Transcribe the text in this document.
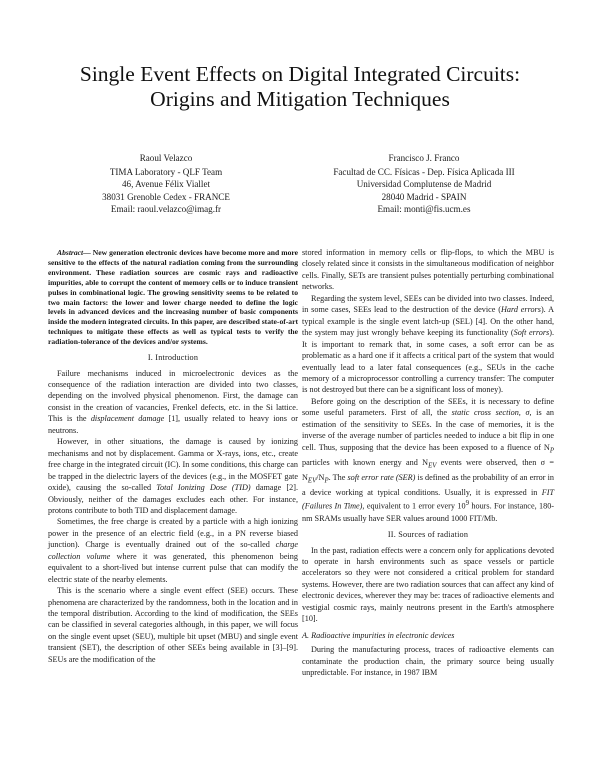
Single Event Effects on Digital Integrated Circuits:
Origins and Mitigation Techniques
Raoul Velazco
TIMA Laboratory - QLF Team
46, Avenue Félix Viallet
38031 Grenoble Cedex - FRANCE
Email: raoul.velazco@imag.fr
Francisco J. Franco
Facultad de CC. Físicas - Dep. Física Aplicada III
Universidad Complutense de Madrid
28040 Madrid - SPAIN
Email: monti@fis.ucm.es

Abstract— New generation electronic devices have become more and more sensitive to the effects of the natural radiation coming from the surrounding environment. These radiation sources are cosmic rays and radioactive impurities, able to corrupt the content of memory cells or to induce transient pulses in combinational logic. The growing sensitivity seems to be related to two main factors: the lower and lower charge needed to define the logic levels in advanced devices and the increasing number of basic components inside the modern integrated circuits. In this paper, are described state-of-art techniques to mitigate these effects as well as typical tests to verify the radiation-tolerance of the devices and/or systems.

I. Introduction

Failure mechanisms induced in microelectronic devices as the consequence of the radiation interaction are divided into two classes, depending on the involved physical phenomenon. First, the damage can consist in the creation of vacancies, Frenkel defects, etc. in the Si lattice. This is the displacement damage [1], usually related to heavy ions or neutrons.

However, in other situations, the damage is caused by ionizing mechanisms and not by displacement. Gamma or X-rays, ions, etc., create free charge in the integrated circuit (IC). In some conditions, this charge can be trapped in the dielectric layers of the devices (e.g., in the MOSFET gate oxide), causing the so-called Total Ionizing Dose (TID) damage [2]. Obviously, neither of the damages excludes each other. For instance, protons contribute to both TID and displacement damage.

Sometimes, the free charge is created by a particle with a high ionizing power in the presence of an electric field (e.g., in a PN reverse biased junction). Charge is eventually drained out of the so-called charge collection volume where it was generated, this phenomenon being equivalent to a short-lived but intense current pulse that can modify the electric state of the nearby elements.

This is the scenario where a single event effect (SEE) occurs. These phenomena are characterized by the randomness, both in the location and in the temporal distribution. According to the kind of modification, the SEEs can be classified in several categories although, in this paper, we will focus on the single event upset (SEU), multiple bit upset (MBU) and single event transient (SET), the description of other SEEs being available in [3]–[9]. SEUs are the modification of the

stored information in memory cells or flip-flops, to which the MBU is closely related since it consists in the simultaneous modification of neighbor cells. Finally, SETs are transient pulses potentially perturbing combinational networks.

Regarding the system level, SEEs can be divided into two classes. Indeed, in some cases, SEEs lead to the destruction of the device (Hard errors). A typical example is the single event latch-up (SEL) [4]. On the other hand, the system may just wrongly behave keeping its functionality (Soft errors). It is important to remark that, in some cases, a soft error can be as problematic as a hard one if it affects a critical part of the system that would eventually lead to a later fatal consequences (e.g., SEUs in the cache memory of a microprocessor controlling a currency transfer: The computer is not destroyed but there can be a significant loss of money).

Before going on the description of the SEEs, it is necessary to define some useful parameters. First of all, the static cross section, σ, is an estimation of the sensitivity to SEEs. In the case of memories, it is the inverse of the average number of particles needed to induce a bit flip in one cell. Thus, supposing that the device has been exposed to a fluence of $N_P$ particles with known energy and $N_{EV}$ events were observed, then $\sigma = N_{EV}/N_P$. The soft error rate (SER) is defined as the probability of an error in a device working at typical conditions. Usually, it is expressed in FIT (Failures In Time), equivalent to 1 error every $10^9$ hours. For instance, 180-nm SRAMs usually have SER values around 1000 FIT/Mb.

II. Sources of radiation

In the past, radiation effects were a concern only for applications devoted to operate in harsh environments such as space vessels or particle accelerators so they were not considered a critical problem for standard systems. However, there are two radiation sources that can affect any kind of electronic devices, wherever they may be: traces of radioactive elements and vestigial cosmic rays, mainly neutrons present in the Earth's atmosphere [10].

A. Radioactive impurities in electronic devices

During the manufacturing process, traces of radioactive elements can contaminate the production chain, the primary source being usually unpredictable. For instance, in 1987 IBM
